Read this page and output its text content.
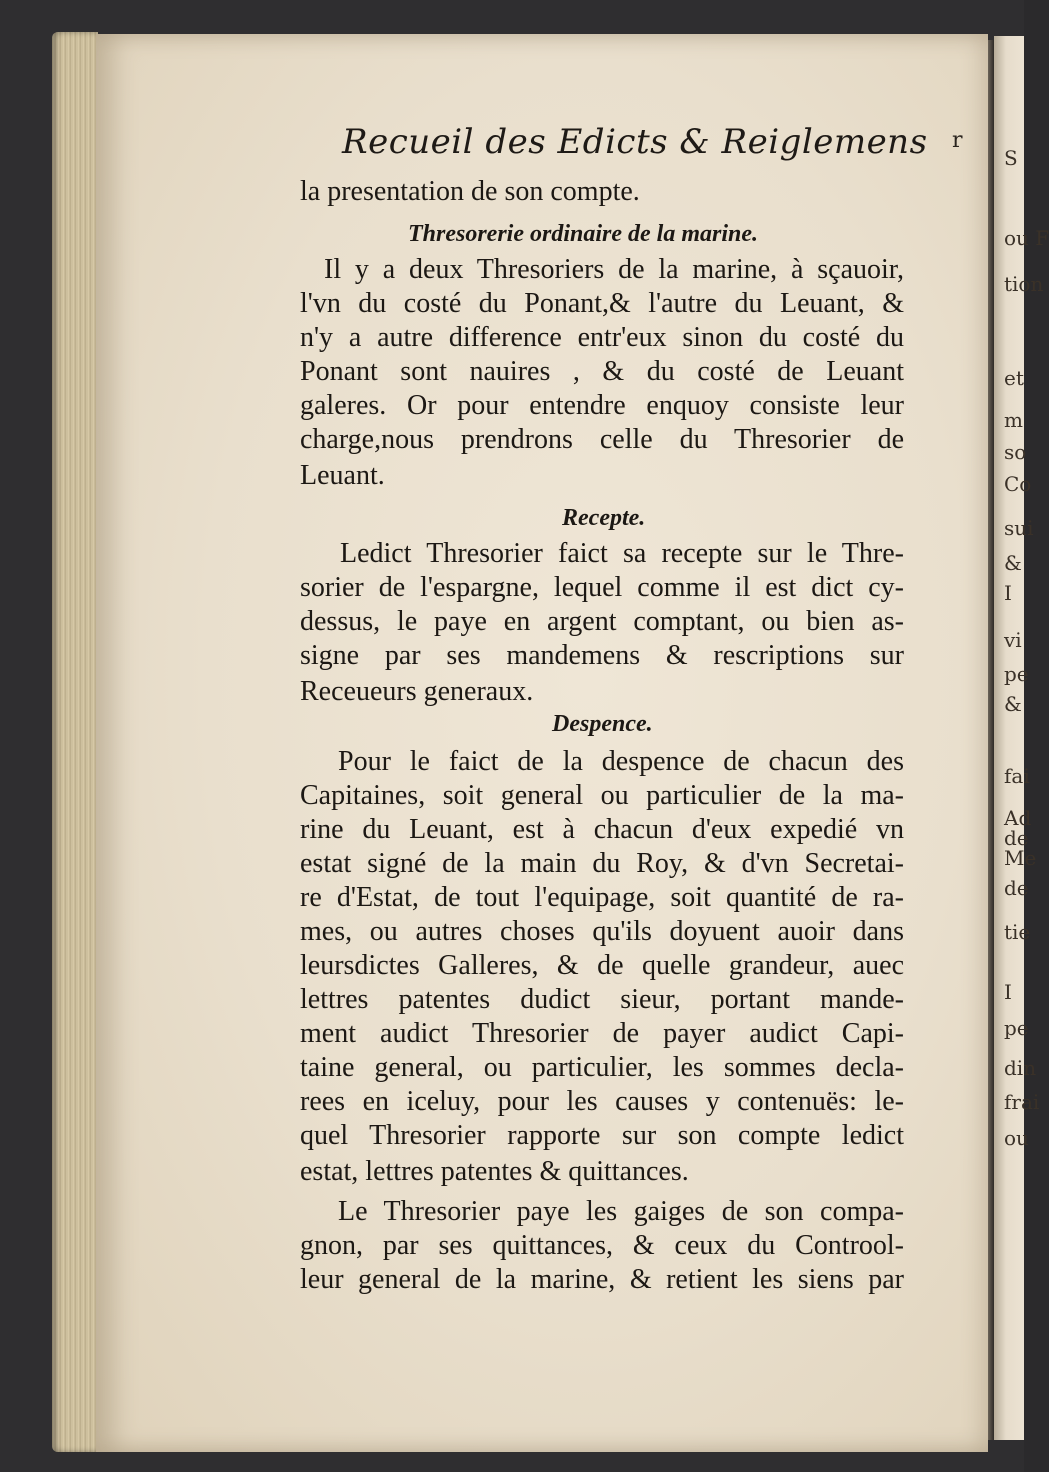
S
ou F
tion
et
m
so
Co
sui
&
I
vi
pe
&
fai
Ad
de
Me
de
tie
I
pe
din
frai
ou
Recueil des Edicts & Reiglemens r
la presentation de son compte.
Thresorerie ordinaire de la marine.
Il y a deux Thresoriers de la marine, à sçauoir,
l'vn du costé du Ponant,& l'autre du Leuant, &
n'y a autre difference entr'eux sinon du costé du
Ponant sont nauires , & du costé de Leuant
galeres. Or pour entendre enquoy consiste leur
charge,nous prendrons celle du Thresorier de
Leuant.
Recepte.
Ledict Thresorier faict sa recepte sur le Thre-
sorier de l'espargne, lequel comme il est dict cy-
dessus, le paye en argent comptant, ou bien as-
signe par ses mandemens & rescriptions sur
Receueurs generaux.
Despence.
Pour le faict de la despence de chacun des
Capitaines, soit general ou particulier de la ma-
rine du Leuant, est à chacun d'eux expedié vn
estat signé de la main du Roy, & d'vn Secretai-
re d'Estat, de tout l'equipage, soit quantité de ra-
mes, ou autres choses qu'ils doyuent auoir dans
leursdictes Galleres, & de quelle grandeur, auec
lettres patentes dudict sieur, portant mande-
ment audict Thresorier de payer audict Capi-
taine general, ou particulier, les sommes decla-
rees en iceluy, pour les causes y contenuës: le-
quel Thresorier rapporte sur son compte ledict
estat, lettres patentes & quittances.
Le Thresorier paye les gaiges de son compa-
gnon, par ses quittances, & ceux du Controol-
leur general de la marine, & retient les siens par
